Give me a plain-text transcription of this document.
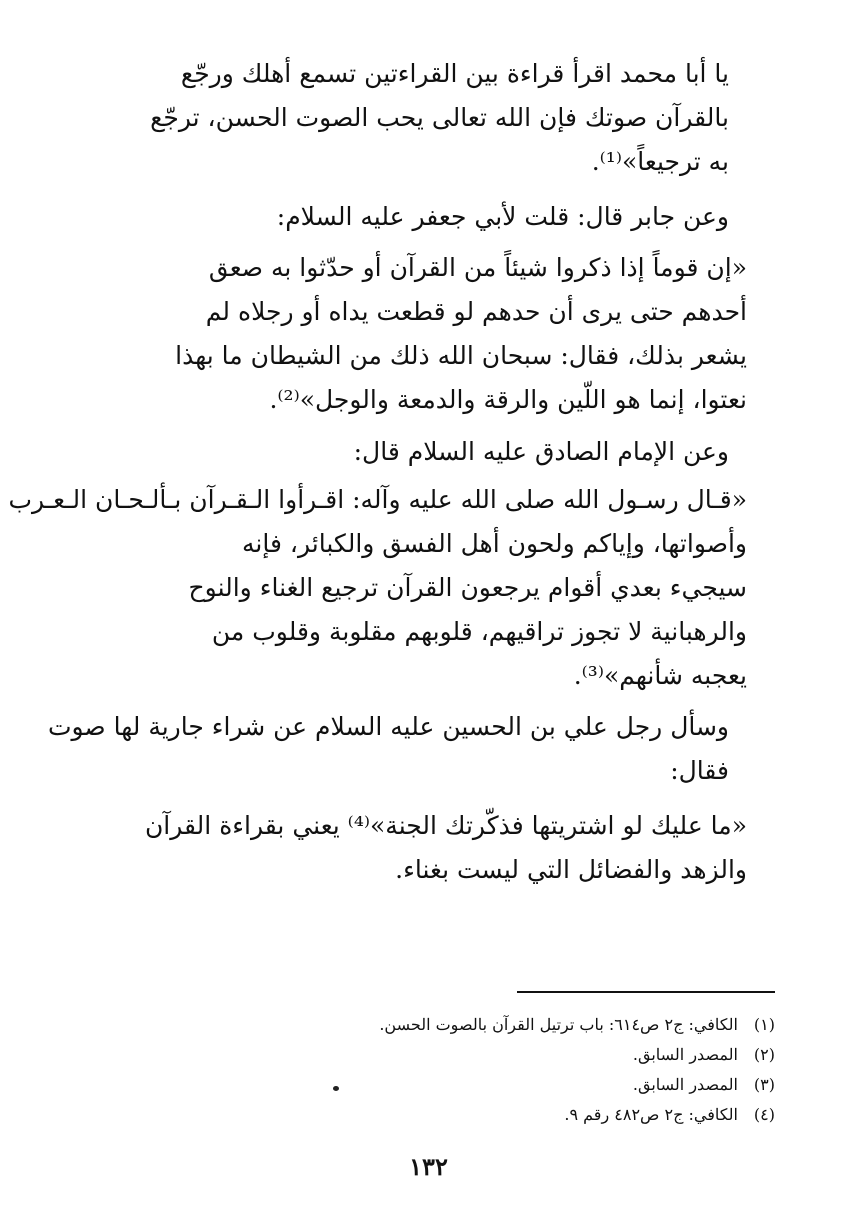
يا أبا محمد اقرأ قراءة بين القراءتين تسمع أهلك ورجّع
بالقرآن صوتك فإن الله تعالى يحب الصوت الحسن، ترجّع
به ترجيعاً»⁽¹⁾.
وعن جابر قال: قلت لأبي جعفر عليه السلام:
«إن قوماً إذا ذكروا شيئاً من القرآن أو حدّثوا به صعق
أحدهم حتى يرى أن حدهم لو قطعت يداه أو رجلاه لم
يشعر بذلك، فقال: سبحان الله ذلك من الشيطان ما بهذا
نعتوا، إنما هو اللّين والرقة والدمعة والوجل»⁽²⁾.
وعن الإمام الصادق عليه السلام قال:
«قـال رسـول الله صلى الله عليه وآله: اقـرأوا الـقـرآن بـألـحـان الـعـرب
وأصواتها، وإياكم ولحون أهل الفسق والكبائر، فإنه
سيجيء بعدي أقوام يرجعون القرآن ترجيع الغناء والنوح
والرهبانية لا تجوز تراقيهم، قلوبهم مقلوبة وقلوب من
يعجبه شأنهم»⁽³⁾.
وسأل رجل علي بن الحسين عليه السلام عن شراء جارية لها صوت
فقال:
«ما عليك لو اشتريتها فذكّرتك الجنة»⁽⁴⁾ يعني بقراءة القرآن
والزهد والفضائل التي ليست بغناء.
(١) الكافي: ج٢ ص٦١٤: باب ترتيل القرآن بالصوت الحسن.
(٢) المصدر السابق.
(٣) المصدر السابق.
(٤) الكافي: ج٢ ص٤٨٢ رقم ٩.
١٣٢
